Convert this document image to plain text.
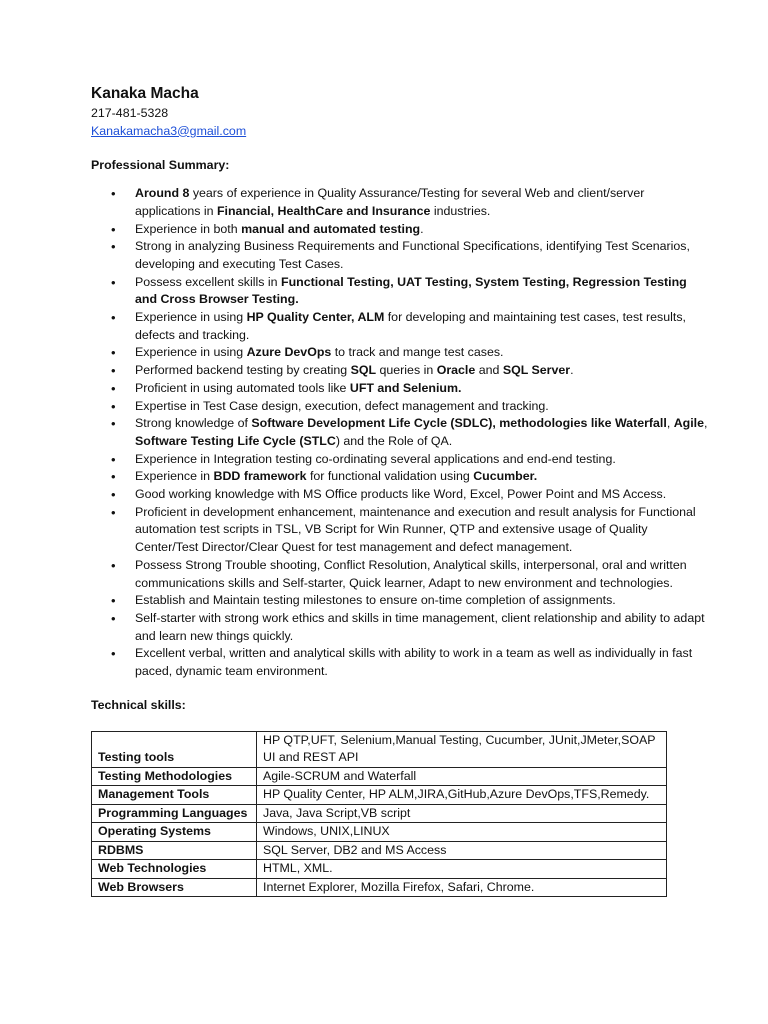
Kanaka Macha
217-481-5328
Kanakamacha3@gmail.com
Professional Summary:
• Around 8 years of experience in Quality Assurance/Testing for several Web and client/server applications in Financial, HealthCare and Insurance industries.
• Experience in both manual and automated testing.
• Strong in analyzing Business Requirements and Functional Specifications, identifying Test Scenarios, developing and executing Test Cases.
• Possess excellent skills in Functional Testing, UAT Testing, System Testing, Regression Testing and Cross Browser Testing.
• Experience in using HP Quality Center, ALM for developing and maintaining test cases, test results, defects and tracking.
• Experience in using Azure DevOps to track and mange test cases.
• Performed backend testing by creating SQL queries in Oracle and SQL Server.
• Proficient in using automated tools like UFT and Selenium.
• Expertise in Test Case design, execution, defect management and tracking.
• Strong knowledge of Software Development Life Cycle (SDLC), methodologies like Waterfall, Agile, Software Testing Life Cycle (STLC) and the Role of QA.
• Experience in Integration testing co-ordinating several applications and end-end testing.
• Experience in BDD framework for functional validation using Cucumber.
• Good working knowledge with MS Office products like Word, Excel, Power Point and MS Access.
• Proficient in development enhancement, maintenance and execution and result analysis for Functional automation test scripts in TSL, VB Script for Win Runner, QTP and extensive usage of Quality Center/Test Director/Clear Quest for test management and defect management.
• Possess Strong Trouble shooting, Conflict Resolution, Analytical skills, interpersonal, oral and written communications skills and Self-starter, Quick learner, Adapt to new environment and technologies.
• Establish and Maintain testing milestones to ensure on-time completion of assignments.
• Self-starter with strong work ethics and skills in time management, client relationship and ability to adapt and learn new things quickly.
• Excellent verbal, written and analytical skills with ability to work in a team as well as individually in fast paced, dynamic team environment.
Technical skills:
Testing tools	HP QTP,UFT, Selenium,Manual Testing, Cucumber, JUnit,JMeter,SOAP UI and REST API
Testing Methodologies	Agile-SCRUM and Waterfall
Management Tools	HP Quality Center, HP ALM,JIRA,GitHub,Azure DevOps,TFS,Remedy.
Programming Languages	Java, Java Script,VB script
Operating Systems	Windows, UNIX,LINUX
RDBMS	SQL Server, DB2 and MS Access
Web Technologies	HTML, XML.
Web Browsers	Internet Explorer, Mozilla Firefox, Safari, Chrome.
